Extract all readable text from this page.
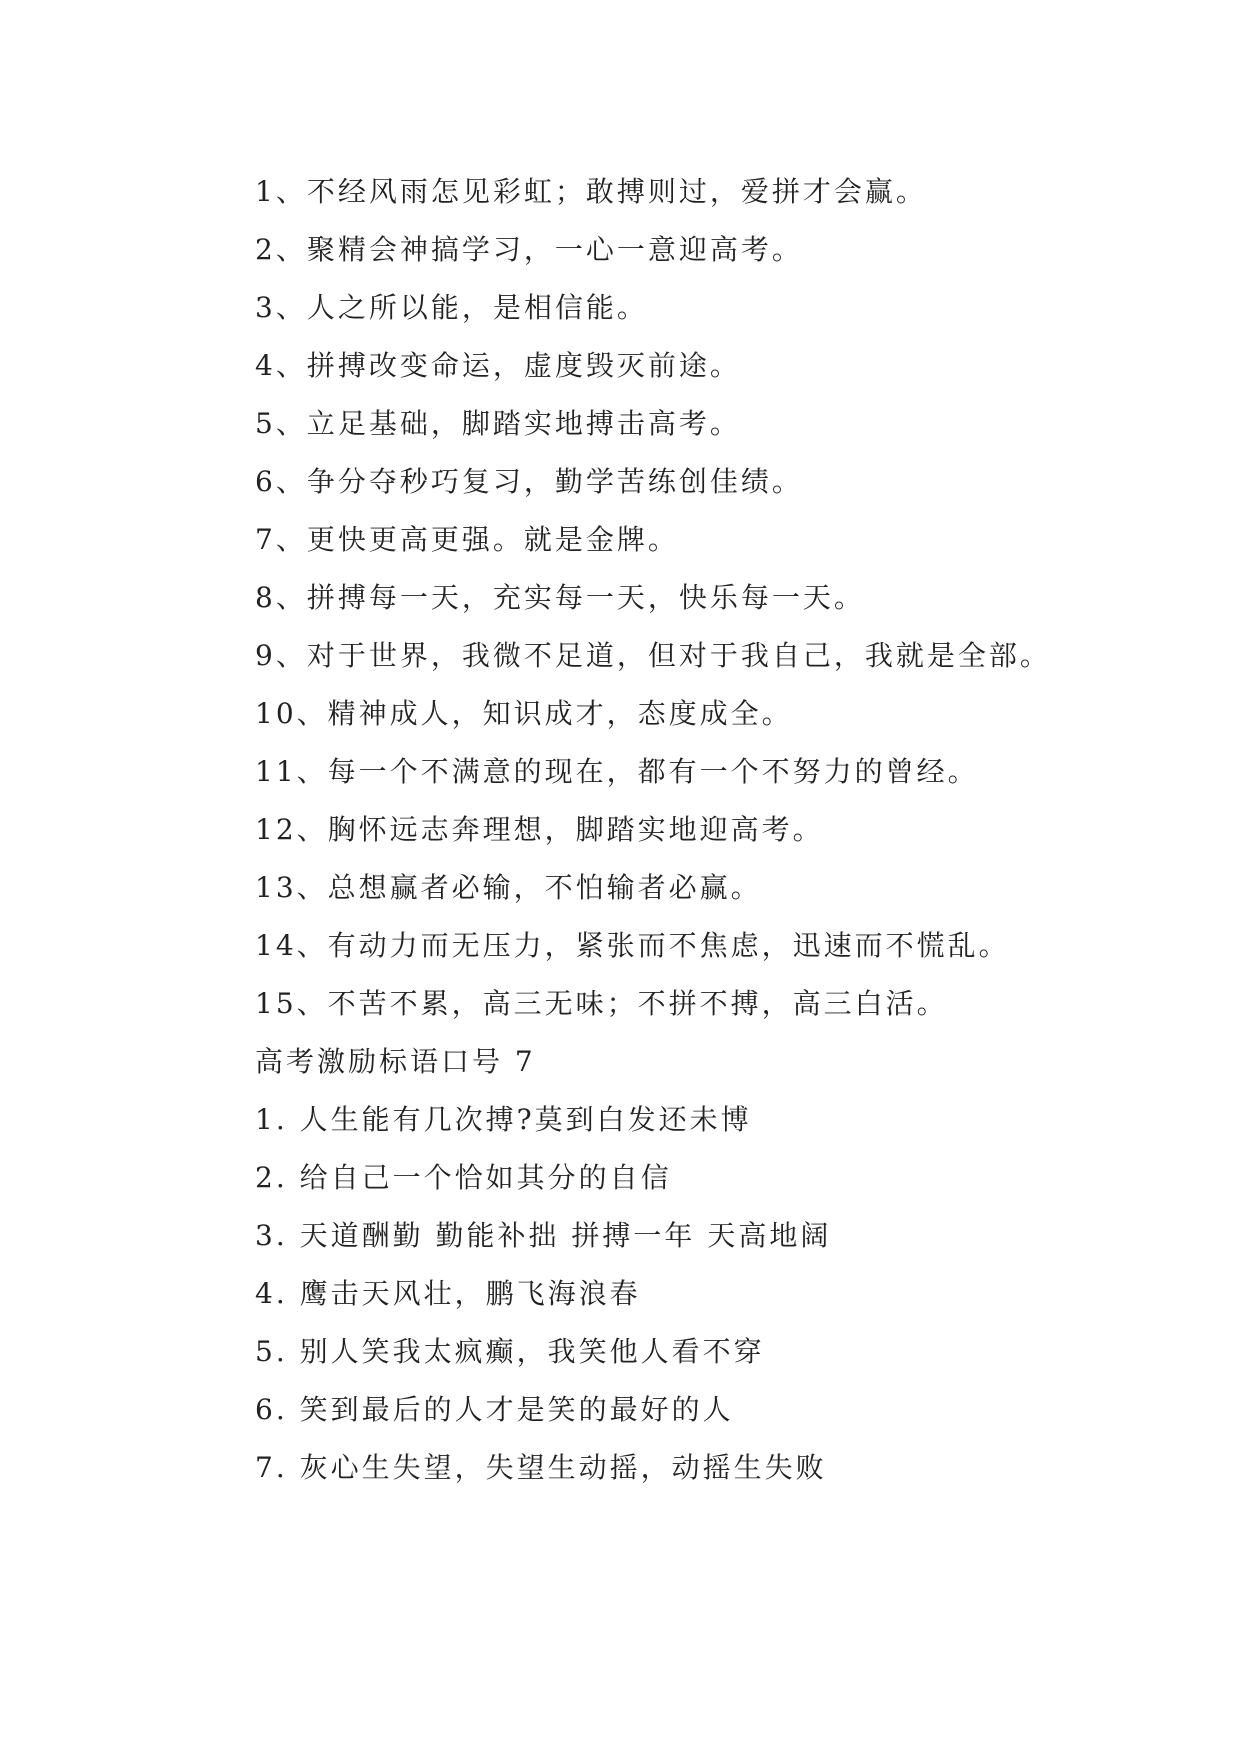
1、不经风雨怎见彩虹；敢搏则过，爱拼才会赢。

2、聚精会神搞学习，一心一意迎高考。

3、人之所以能，是相信能。

4、拼搏改变命运，虚度毁灭前途。

5、立足基础，脚踏实地搏击高考。

6、争分夺秒巧复习，勤学苦练创佳绩。

7、更快更高更强。就是金牌。

8、拼搏每一天，充实每一天，快乐每一天。

9、对于世界，我微不足道，但对于我自己，我就是全部。

10、精神成人，知识成才，态度成全。

11、每一个不满意的现在，都有一个不努力的曾经。

12、胸怀远志奔理想，脚踏实地迎高考。

13、总想赢者必输，不怕输者必赢。

14、有动力而无压力，紧张而不焦虑，迅速而不慌乱。

15、不苦不累，高三无味；不拼不搏，高三白活。

高考激励标语口号 7

1. 人生能有几次搏?莫到白发还未博

2. 给自己一个恰如其分的自信

3. 天道酬勤 勤能补拙 拼搏一年 天高地阔

4. 鹰击天风壮，鹏飞海浪春

5. 别人笑我太疯癫，我笑他人看不穿

6. 笑到最后的人才是笑的最好的人

7. 灰心生失望，失望生动摇，动摇生失败
